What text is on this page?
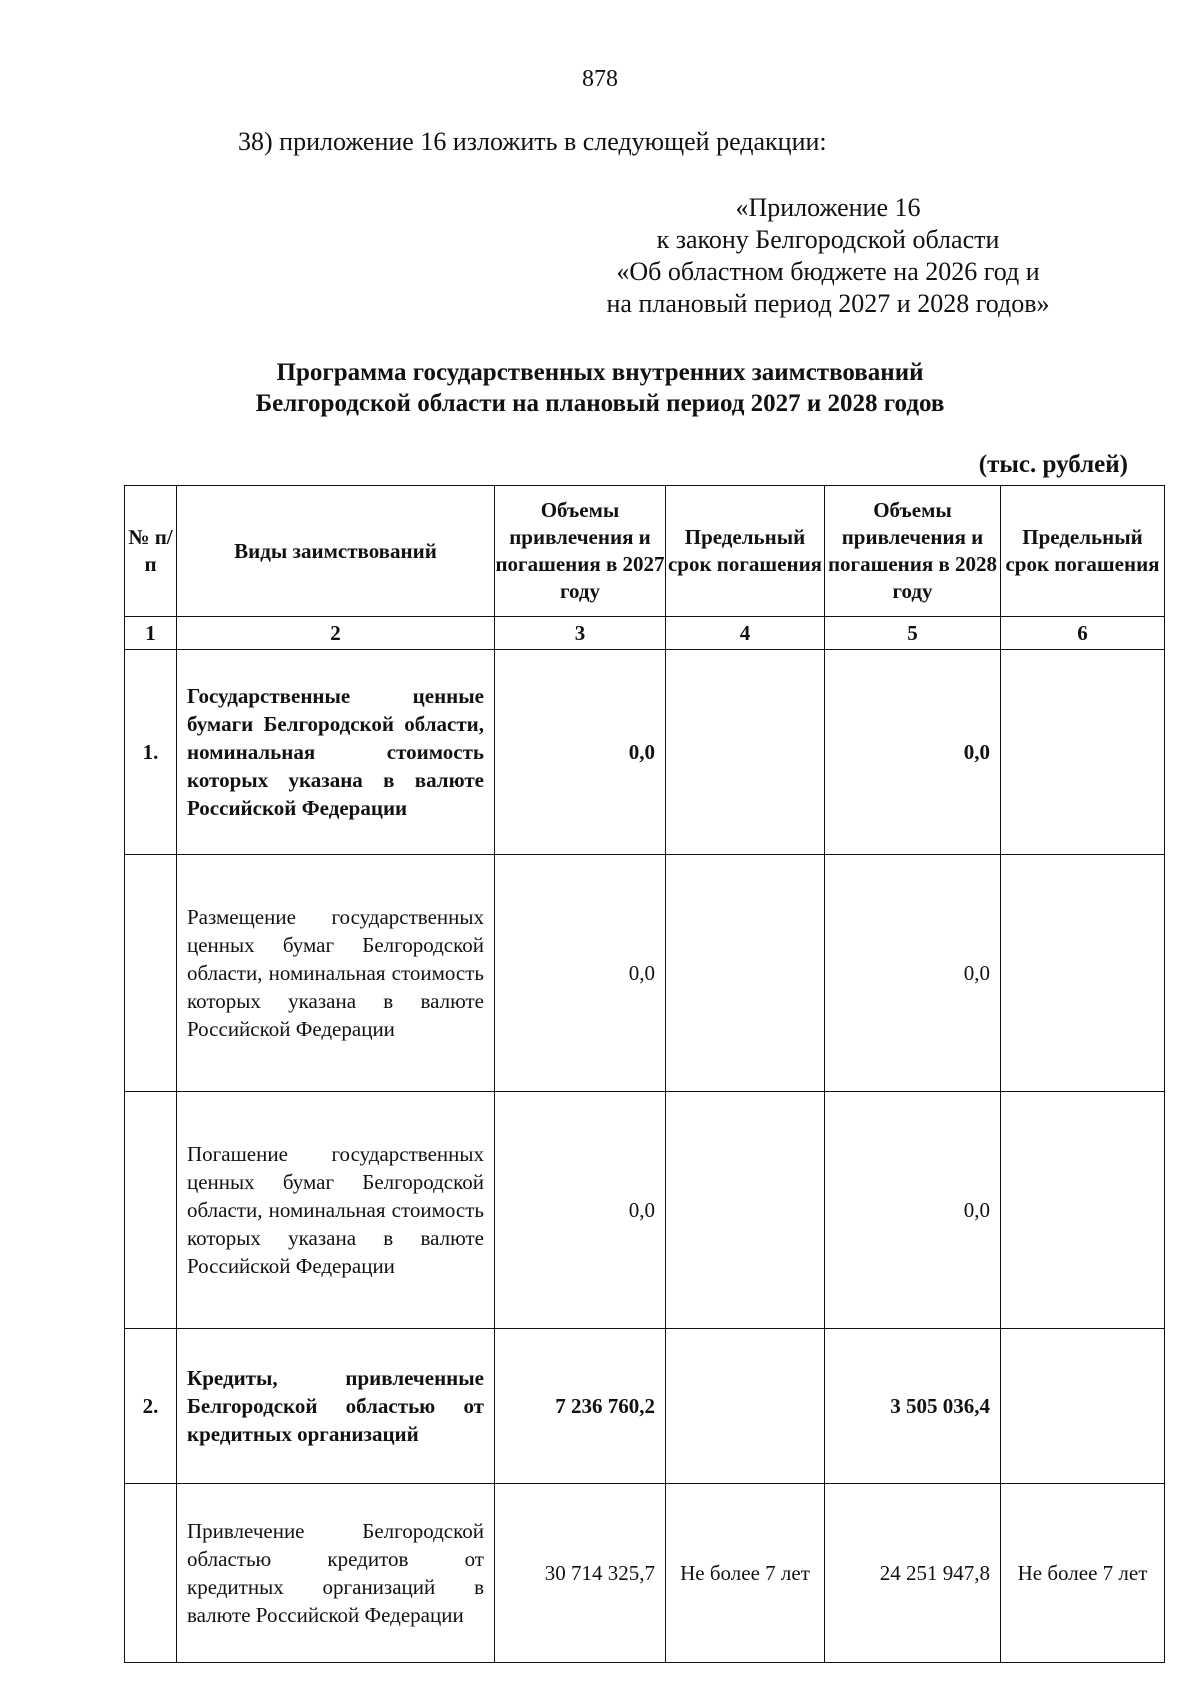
878
38) приложение 16 изложить в следующей редакции:
«Приложение 16
к закону Белгородской области
«Об областном бюджете на 2026 год и
на плановый период 2027 и 2028 годов»
Программа государственных внутренних заимствований
Белгородской области на плановый период 2027 и 2028 годов
(тыс. рублей)
№ п/п	Виды заимствований	Объемы привлечения и погашения в 2027 году	Предельный срок погашения	Объемы привлечения и погашения в 2028 году	Предельный срок погашения
1	2	3	4	5	6
1.	Государственные ценные бумаги Белгородской области, номинальная стоимость которых указана в валюте Российской Федерации	0,0		0,0	
	Размещение государственных ценных бумаг Белгородской области, номинальная стоимость которых указана в валюте Российской Федерации	0,0		0,0	
	Погашение государственных ценных бумаг Белгородской области, номинальная стоимость которых указана в валюте Российской Федерации	0,0		0,0	
2.	Кредиты, привлеченные Белгородской областью от кредитных организаций	7 236 760,2		3 505 036,4	
	Привлечение Белгородской областью кредитов от кредитных организаций в валюте Российской Федерации	30 714 325,7	Не более 7 лет	24 251 947,8	Не более 7 лет
